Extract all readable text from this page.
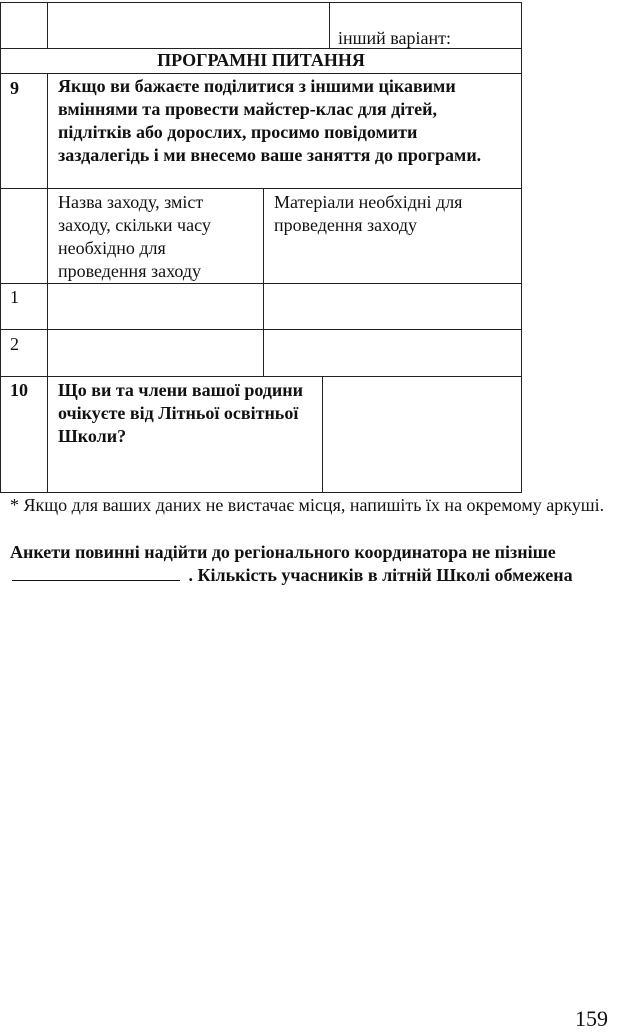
інший варіант:

ПРОГРАМНІ ПИТАННЯ

9 Якщо ви бажаєте поділитися з іншими цікавими вміннями та провести майстер-клас для дітей, підлітків або дорослих, просимо повідомити заздалегідь і ми внесемо ваше заняття до програми.

Назва заходу, зміст заходу, скільки часу необхідно для проведення заходу

Матеріали необхідні для проведення заходу

1

2

10 Що ви та члени вашої родини очікуєте від Літньої освітньої Школи?

* Якщо для ваших даних не вистачає місця, напишіть їх на окремому аркуші.

Анкети повинні надійти до регіонального координатора не пізніше  . Кількість учасників в літній Школі обмежена

159
